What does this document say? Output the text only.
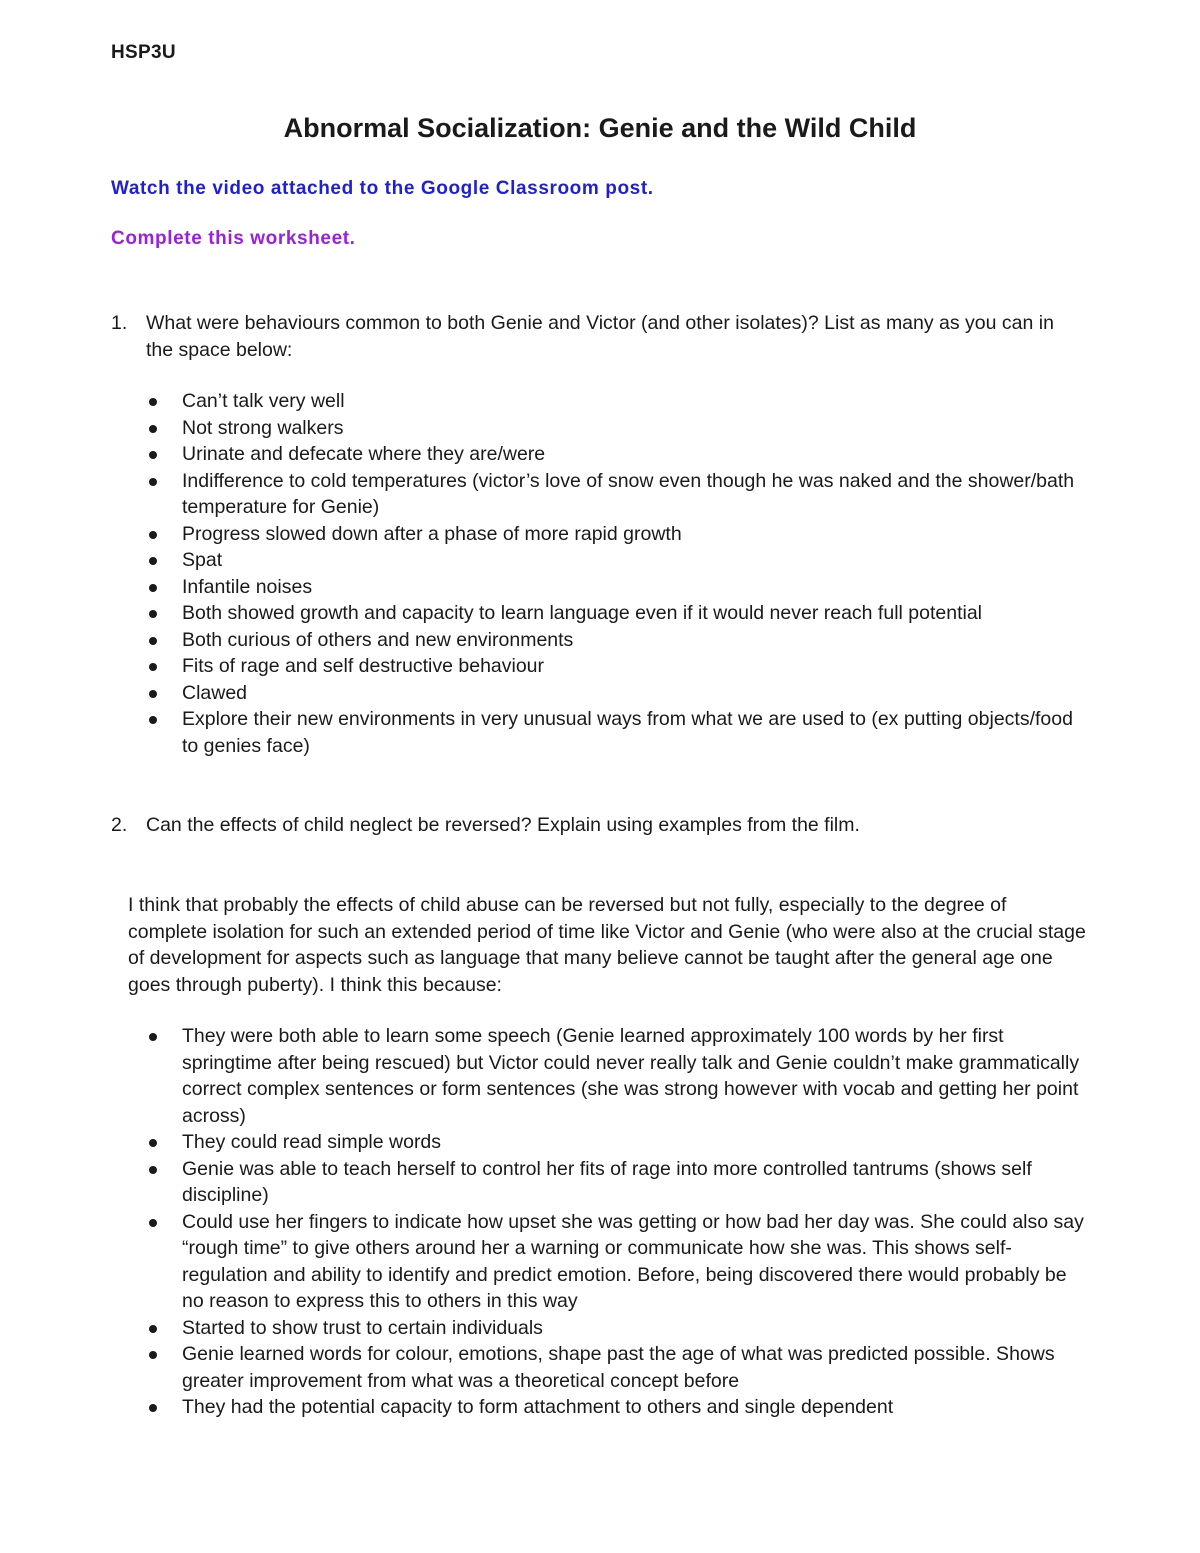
HSP3U
Abnormal Socialization: Genie and the Wild Child
Watch the video attached to the Google Classroom post.
Complete this worksheet.
1. What were behaviours common to both Genie and Victor (and other isolates)? List as many as you can in the space below:
Can’t talk very well
Not strong walkers
Urinate and defecate where they are/were
Indifference to cold temperatures (victor’s love of snow even though he was naked and the shower/bath temperature for Genie)
Progress slowed down after a phase of more rapid growth
Spat
Infantile noises
Both showed growth and capacity to learn language even if it would never reach full potential
Both curious of others and new environments
Fits of rage and self destructive behaviour
Clawed
Explore their new environments in very unusual ways from what we are used to (ex putting objects/food to genies face)
2. Can the effects of child neglect be reversed? Explain using examples from the film.
I think that probably the effects of child abuse can be reversed but not fully, especially to the degree of complete isolation for such an extended period of time like Victor and Genie (who were also at the crucial stage of development for aspects such as language that many believe cannot be taught after the general age one goes through puberty). I think this because:
They were both able to learn some speech (Genie learned approximately 100 words by her first springtime after being rescued) but Victor could never really talk and Genie couldn’t make grammatically correct complex sentences or form sentences (she was strong however with vocab and getting her point across)
They could read simple words
Genie was able to teach herself to control her fits of rage into more controlled tantrums (shows self discipline)
Could use her fingers to indicate how upset she was getting or how bad her day was. She could also say “rough time” to give others around her a warning or communicate how she was. This shows self-regulation and ability to identify and predict emotion. Before, being discovered there would probably be no reason to express this to others in this way
Started to show trust to certain individuals
Genie learned words for colour, emotions, shape past the age of what was predicted possible. Shows greater improvement from what was a theoretical concept before
They had the potential capacity to form attachment to others and single dependent
